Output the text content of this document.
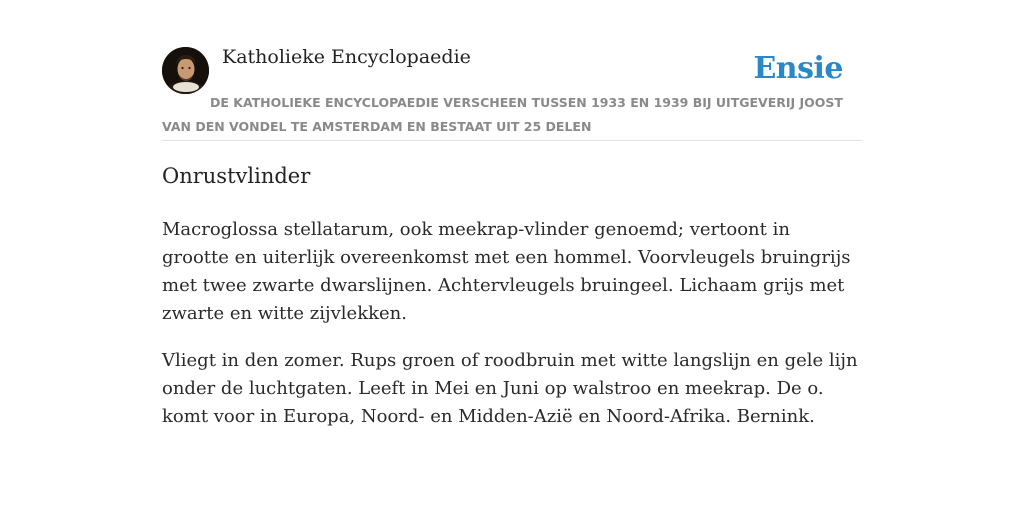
Katholieke Encyclopaedie	Ensie
DE KATHOLIEKE ENCYCLOPAEDIE VERSCHEEN TUSSEN 1933 EN 1939 BIJ UITGEVERIJ JOOST VAN DEN VONDEL TE AMSTERDAM EN BESTAAT UIT 25 DELEN
Onrustvlinder

Macroglossa stellatarum, ook meekrap-vlinder genoemd; vertoont in grootte en uiterlijk overeenkomst met een hommel. Voorvleugels bruingrijs met twee zwarte dwarslijnen. Achtervleugels bruingeel. Lichaam grijs met zwarte en witte zijvlekken.

Vliegt in den zomer. Rups groen of roodbruin met witte langslijn en gele lijn onder de luchtgaten. Leeft in Mei en Juni op walstroo en meekrap. De o. komt voor in Europa, Noord- en Midden-Azië en Noord-Afrika. Bernink.
